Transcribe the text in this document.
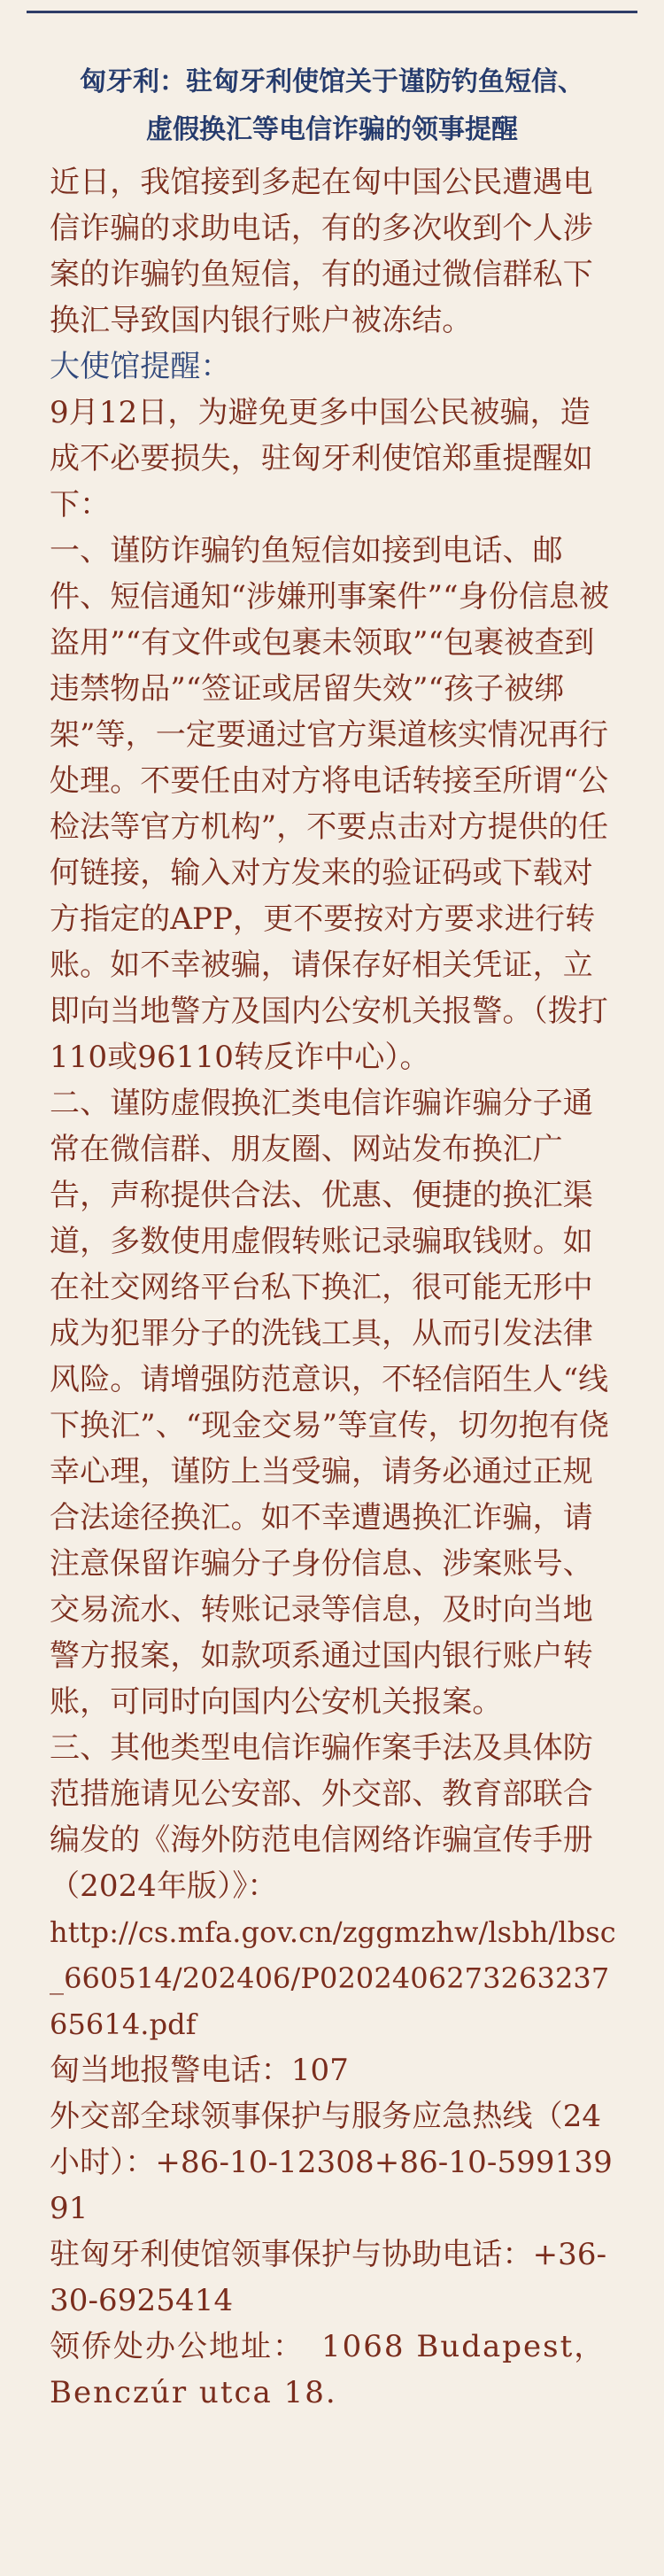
匈牙利：驻匈牙利使馆关于谨防钓鱼短信、
虚假换汇等电信诈骗的领事提醒

近日，我馆接到多起在匈中国公民遭遇电信诈骗的求助电话，有的多次收到个人涉案的诈骗钓鱼短信，有的通过微信群私下换汇导致国内银行账户被冻结。

大使馆提醒：

9月12日，为避免更多中国公民被骗，造成不必要损失，驻匈牙利使馆郑重提醒如下：

一、谨防诈骗钓鱼短信如接到电话、邮件、短信通知“涉嫌刑事案件”“身份信息被盗用”“有文件或包裹未领取”“包裹被查到违禁物品”“签证或居留失效”“孩子被绑架”等，一定要通过官方渠道核实情况再行处理。不要任由对方将电话转接至所谓“公检法等官方机构”，不要点击对方提供的任何链接，输入对方发来的验证码或下载对方指定的APP，更不要按对方要求进行转账。如不幸被骗，请保存好相关凭证，立即向当地警方及国内公安机关报警。（拨打110或96110转反诈中心）。

二、谨防虚假换汇类电信诈骗诈骗分子通常在微信群、朋友圈、网站发布换汇广告，声称提供合法、优惠、便捷的换汇渠道，多数使用虚假转账记录骗取钱财。如在社交网络平台私下换汇，很可能无形中成为犯罪分子的洗钱工具，从而引发法律风险。请增强防范意识，不轻信陌生人“线下换汇”、“现金交易”等宣传，切勿抱有侥幸心理，谨防上当受骗，请务必通过正规合法途径换汇。如不幸遭遇换汇诈骗，请注意保留诈骗分子身份信息、涉案账号、交易流水、转账记录等信息，及时向当地警方报案，如款项系通过国内银行账户转账，可同时向国内公安机关报案。

三、其他类型电信诈骗作案手法及具体防范措施请见公安部、外交部、教育部联合编发的《海外防范电信网络诈骗宣传手册（2024年版）》：

http://cs.mfa.gov.cn/zggmzhw/lsbh/lbsc_660514/202406/P020240627326323765614.pdf

匈当地报警电话：107

外交部全球领事保护与服务应急热线（24小时）：+86-10-12308+86-10-59913991

驻匈牙利使馆领事保护与协助电话：+36-30-6925414

领侨处办公地址：　1068 Budapest，Benczúr utca 18.
